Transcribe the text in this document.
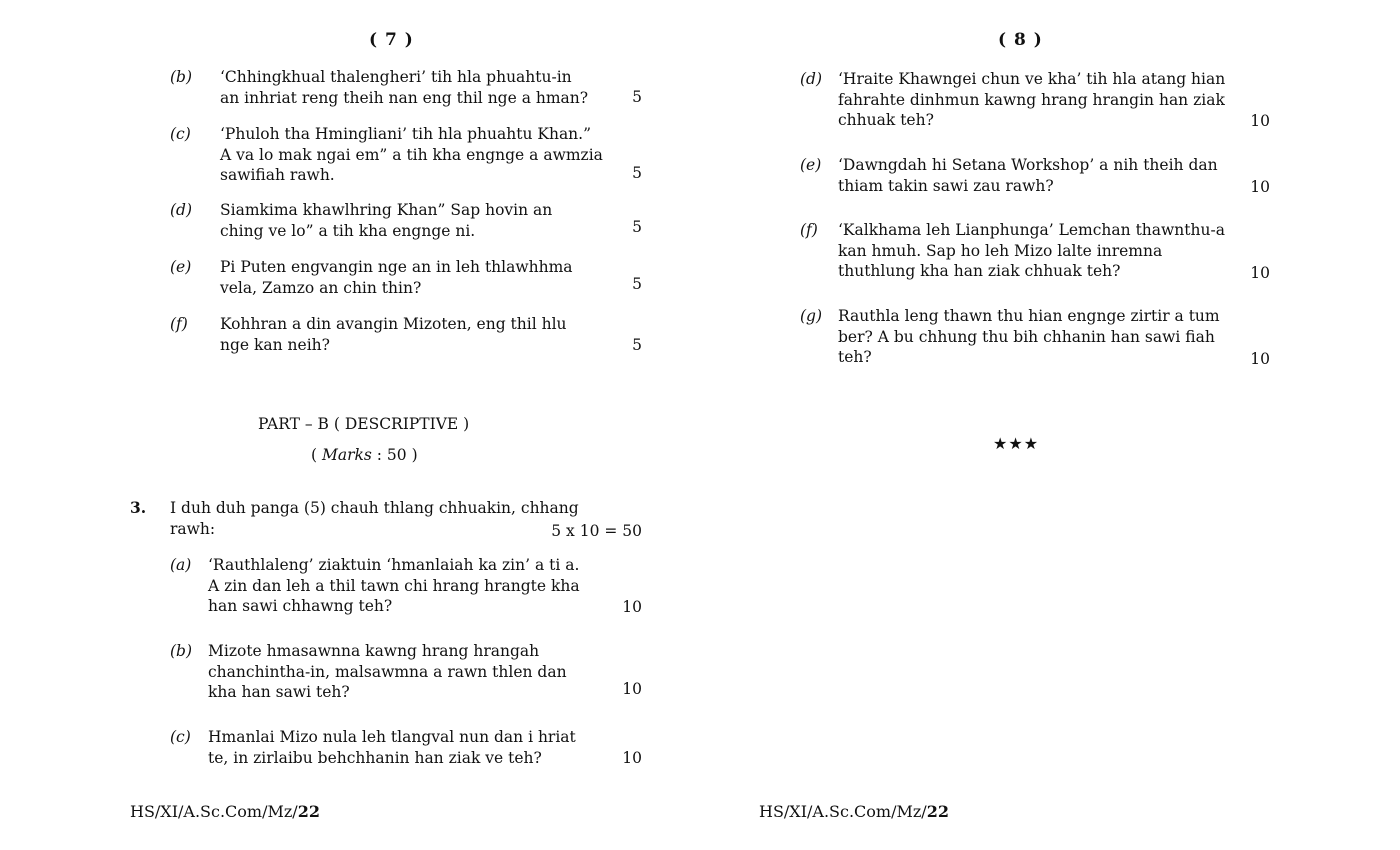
( 7 )
(b) ‘Chhingkhual thalengheri’ tih hla phuahtu-in
an inhriat reng theih nan eng thil nge a hman?	5
(c) ‘Phuloh tha Hmingliani’ tih hla phuahtu Khan.”
A va lo mak ngai em” a tih kha engnge a awmzia
sawifiah rawh.	5
(d) Siamkima khawlhring Khan” Sap hovin an
ching ve lo” a tih kha engnge ni.	5
(e) Pi Puten engvangin nge an in leh thlawhhma
vela, Zamzo an chin thin?	5
(f) Kohhran a din avangin Mizoten, eng thil hlu
nge kan neih?	5
PART – B ( DESCRIPTIVE )
( Marks : 50 )
3. I duh duh panga (5) chauh thlang chhuakin, chhang
rawh:	5 x 10 = 50
(a) ‘Rauthlaleng’ ziaktuin ‘hmanlaiah ka zin’ a ti a.
A zin dan leh a thil tawn chi hrang hrangte kha
han sawi chhawng teh?	10
(b) Mizote hmasawnna kawng hrang hrangah
chanchintha-in, malsawmna a rawn thlen dan
kha han sawi teh?	10
(c) Hmanlai Mizo nula leh tlangval nun dan i hriat
te, in zirlaibu behchhanin han ziak ve teh?	10
HS/XI/A.Sc.Com/Mz/22
( 8 )
(d) ‘Hraite Khawngei chun ve kha’ tih hla atang hian
fahrahte dinhmun kawng hrang hrangin han ziak
chhuak teh?	10
(e) ‘Dawngdah hi Setana Workshop’ a nih theih dan
thiam takin sawi zau rawh?	10
(f) ‘Kalkhama leh Lianphunga’ Lemchan thawnthu-a
kan hmuh. Sap ho leh Mizo lalte inremna
thuthlung kha han ziak chhuak teh?	10
(g) Rauthla leng thawn thu hian engnge zirtir a tum
ber? A bu chhung thu bih chhanin han sawi fiah
teh?	10
★★★
HS/XI/A.Sc.Com/Mz/22
